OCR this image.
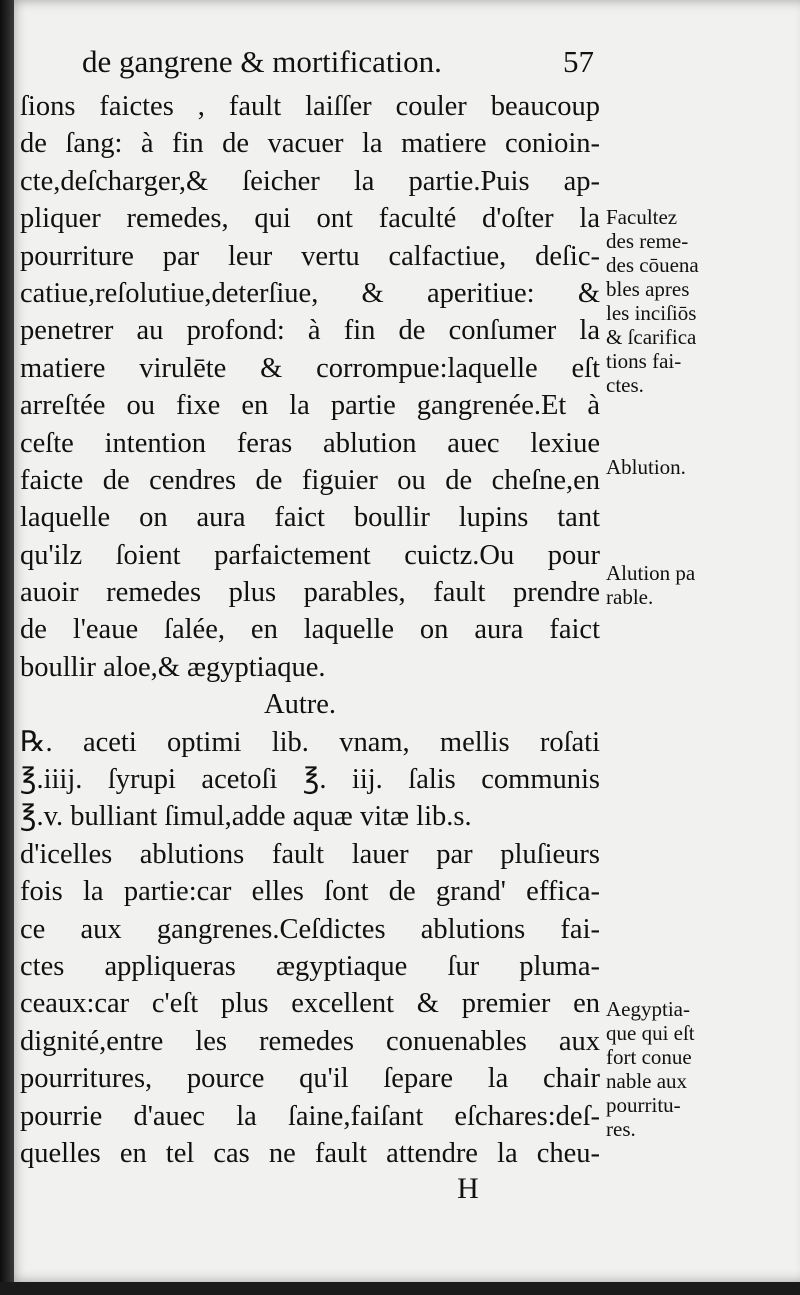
de gangrene & mortification.	57
ſions faictes , fault laiſſer couler beaucoup
de ſang: à fin de vacuer la matiere conioin-
cte,deſcharger,& ſeicher la partie.Puis ap-
pliquer remedes, qui ont faculté d'oſter la
pourriture par leur vertu calfactiue, deſic-
catiue,reſolutiue,deterſiue, & aperitiue: &
penetrer au profond: à fin de conſumer la
matiere virulēte & corrompue:laquelle eſt
arreſtée ou fixe en la partie gangrenée.Et à
ceſte intention feras ablution auec lexiue
faicte de cendres de figuier ou de cheſne,en
laquelle on aura faict boullir lupins tant
qu'ilz ſoient parfaictement cuictz.Ou pour
auoir remedes plus parables, fault prendre
de l'eaue ſalée, en laquelle on aura faict
boullir aloe,& ægyptiaque.
Autre.
℞. aceti optimi lib. vnam, mellis roſati
℥.iiij. ſyrupi acetoſi ℥. iij. ſalis communis
℥.v. bulliant ſimul,adde aquæ vitæ lib.s.
d'icelles ablutions fault lauer par pluſieurs
fois la partie:car elles ſont de grand' effica-
ce aux gangrenes.Ceſdictes ablutions fai-
ctes appliqueras ægyptiaque ſur pluma-
ceaux:car c'eſt plus excellent & premier en
dignité,entre les remedes conuenables aux
pourritures, pource qu'il ſepare la chair
pourrie d'auec la ſaine,faiſant eſchares:deſ-
quelles en tel cas ne fault attendre la cheu-
Facultez
des reme-
des cōuena
bles apres
les inciſiōs
& ſcarifica
tions fai-
ctes.
Ablution.
Alution pa
rable.
Aegyptia-
que qui eſt
fort conue
nable aux
pourritu-
res.
H
